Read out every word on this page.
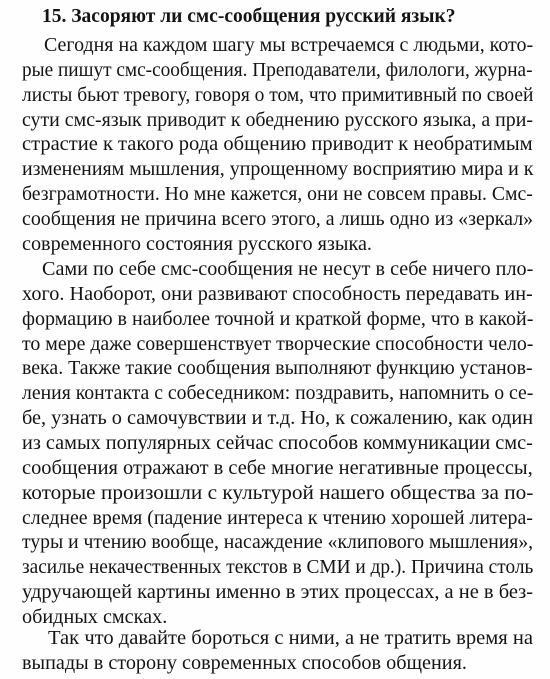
15. Засоряют ли смс-сообщения русский язык?
Сегодня на каждом шагу мы встречаемся с людьми, кото-
рые пишут смс-сообщения. Преподаватели, филологи, журна-
листы бьют тревогу, говоря о том, что примитивный по своей
сути смс-язык приводит к обеднению русского языка, а при-
страстие к такого рода общению приводит к необратимым
изменениям мышления, упрощенному восприятию мира и к
безграмотности. Но мне кажется, они не совсем правы. Смс-
сообщения не причина всего этого, а лишь одно из «зеркал»
современного состояния русского языка.
Сами по себе смс-сообщения не несут в себе ничего пло-
хого. Наоборот, они развивают способность передавать ин-
формацию в наиболее точной и краткой форме, что в какой-
то мере даже совершенствует творческие способности чело-
века. Также такие сообщения выполняют функцию установ-
ления контакта с собеседником: поздравить, напомнить о се-
бе, узнать о самочувствии и т.д. Но, к сожалению, как один
из самых популярных сейчас способов коммуникации смс-
сообщения отражают в себе многие негативные процессы,
которые произошли с культурой нашего общества за по-
следнее время (падение интереса к чтению хорошей литера-
туры и чтению вообще, насаждение «клипового мышления»,
засилье некачественных текстов в СМИ и др.). Причина столь
удручающей картины именно в этих процессах, а не в без-
обидных смсках.
Так что давайте бороться с ними, а не тратить время на
выпады в сторону современных способов общения.
